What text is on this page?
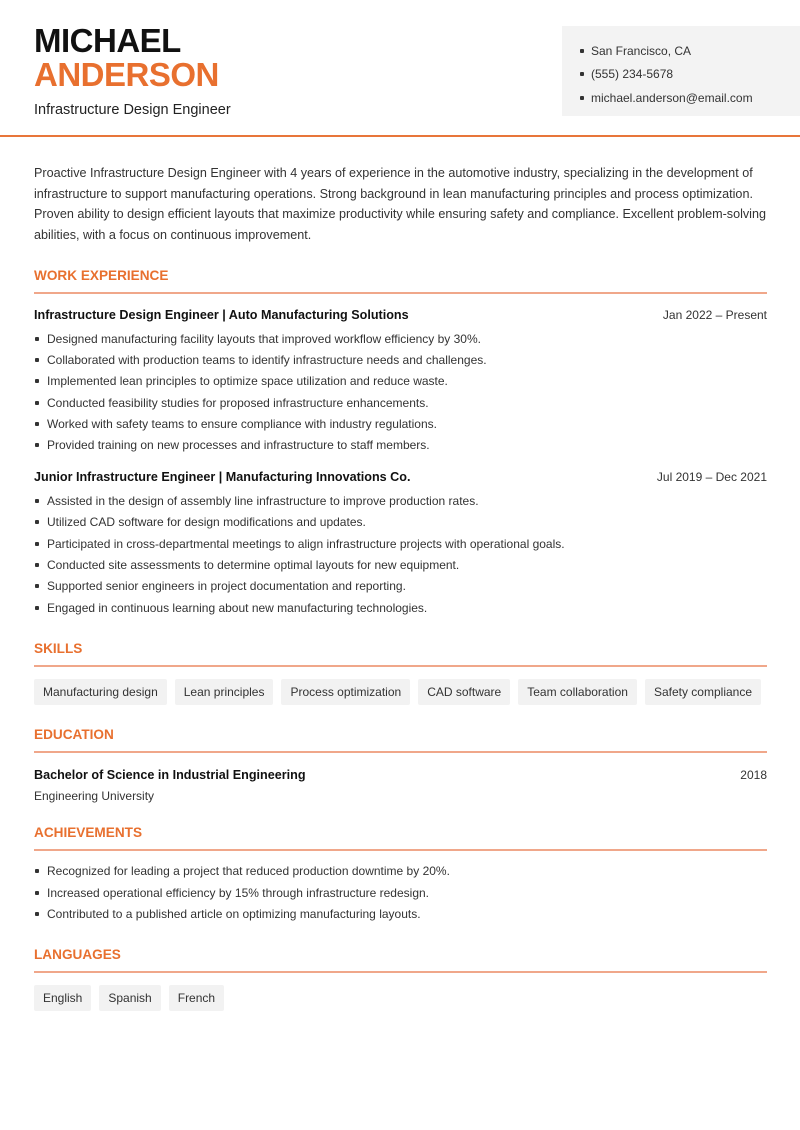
MICHAEL
ANDERSON
Infrastructure Design Engineer
San Francisco, CA
(555) 234-5678
michael.anderson@email.com

Proactive Infrastructure Design Engineer with 4 years of experience in the automotive industry, specializing in the development of infrastructure to support manufacturing operations. Strong background in lean manufacturing principles and process optimization. Proven ability to design efficient layouts that maximize productivity while ensuring safety and compliance. Excellent problem-solving abilities, with a focus on continuous improvement.

WORK EXPERIENCE
Infrastructure Design Engineer | Auto Manufacturing Solutions	Jan 2022 – Present
Designed manufacturing facility layouts that improved workflow efficiency by 30%.
Collaborated with production teams to identify infrastructure needs and challenges.
Implemented lean principles to optimize space utilization and reduce waste.
Conducted feasibility studies for proposed infrastructure enhancements.
Worked with safety teams to ensure compliance with industry regulations.
Provided training on new processes and infrastructure to staff members.
Junior Infrastructure Engineer | Manufacturing Innovations Co.	Jul 2019 – Dec 2021
Assisted in the design of assembly line infrastructure to improve production rates.
Utilized CAD software for design modifications and updates.
Participated in cross-departmental meetings to align infrastructure projects with operational goals.
Conducted site assessments to determine optimal layouts for new equipment.
Supported senior engineers in project documentation and reporting.
Engaged in continuous learning about new manufacturing technologies.
SKILLS
Manufacturing design	Lean principles	Process optimization	CAD software	Team collaboration	Safety compliance
EDUCATION
Bachelor of Science in Industrial Engineering	2018
Engineering University
ACHIEVEMENTS
Recognized for leading a project that reduced production downtime by 20%.
Increased operational efficiency by 15% through infrastructure redesign.
Contributed to a published article on optimizing manufacturing layouts.
LANGUAGES
English	Spanish	French
